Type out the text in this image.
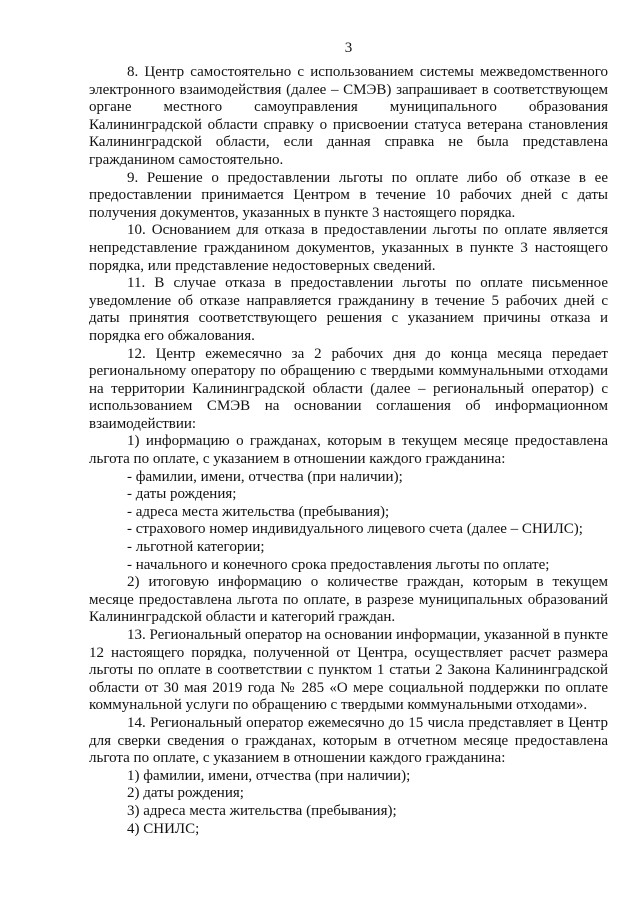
3

8. Центр самостоятельно с использованием системы межведомственного электронного взаимодействия (далее – СМЭВ) запрашивает в соответствующем органе местного самоуправления муниципального образования Калининградской области справку о присвоении статуса ветерана становления Калининградской области, если данная справка не была представлена гражданином самостоятельно.

9. Решение о предоставлении льготы по оплате либо об отказе в ее предоставлении принимается Центром в течение 10 рабочих дней с даты получения документов, указанных в пункте 3 настоящего порядка.

10. Основанием для отказа в предоставлении льготы по оплате является непредставление гражданином документов, указанных в пункте 3 настоящего порядка, или представление недостоверных сведений.

11. В случае отказа в предоставлении льготы по оплате письменное уведомление об отказе направляется гражданину в течение 5 рабочих дней с даты принятия соответствующего решения с указанием причины отказа и порядка его обжалования.

12. Центр ежемесячно за 2 рабочих дня до конца месяца передает региональному оператору по обращению с твердыми коммунальными отходами на территории Калининградской области (далее – региональный оператор) с использованием СМЭВ на основании соглашения об информационном взаимодействии:

1) информацию о гражданах, которым в текущем месяце предоставлена льгота по оплате, с указанием в отношении каждого гражданина:

- фамилии, имени, отчества (при наличии);

- даты рождения;

- адреса места жительства (пребывания);

- страхового номер индивидуального лицевого счета (далее – СНИЛС);

- льготной категории;

- начального и конечного срока предоставления льготы по оплате;

2) итоговую информацию о количестве граждан, которым в текущем месяце предоставлена льгота по оплате, в разрезе муниципальных образований Калининградской области и категорий граждан.

13. Региональный оператор на основании информации, указанной в пункте 12 настоящего порядка, полученной от Центра, осуществляет расчет размера льготы по оплате в соответствии с пунктом 1 статьи 2 Закона Калининградской области от 30 мая 2019 года № 285 «О мере социальной поддержки по оплате коммунальной услуги по обращению с твердыми коммунальными отходами».

14. Региональный оператор ежемесячно до 15 числа представляет в Центр для сверки сведения о гражданах, которым в отчетном месяце предоставлена льгота по оплате, с указанием в отношении каждого гражданина:

1) фамилии, имени, отчества (при наличии);

2) даты рождения;

3) адреса места жительства (пребывания);

4) СНИЛС;
